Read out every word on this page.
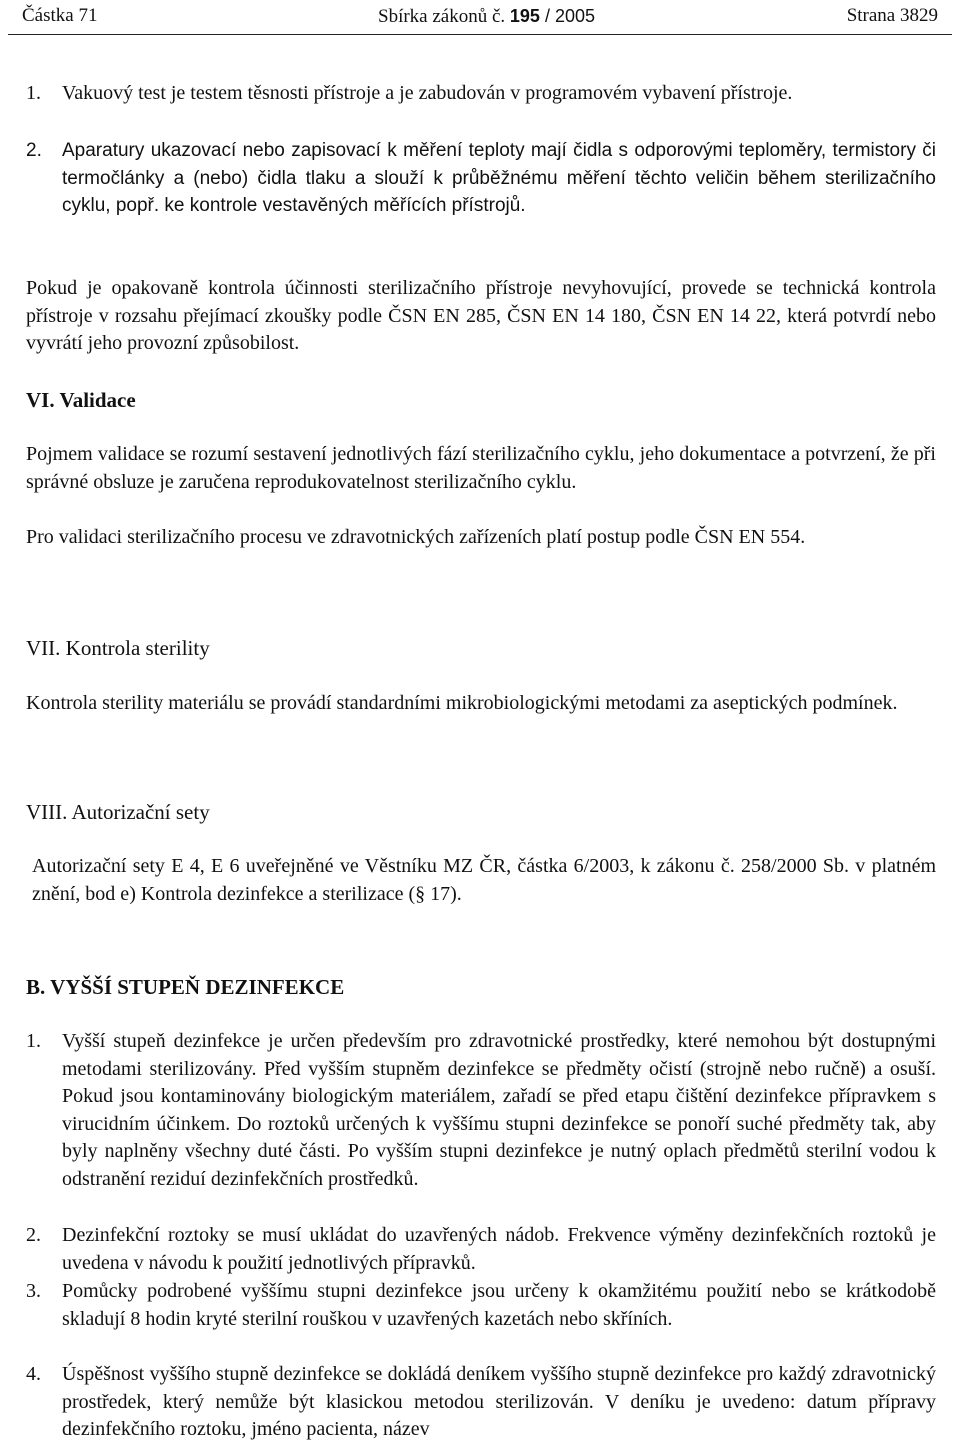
Částka 71	Sbírka zákonů č. 195 / 2005	Strana 3829
1.	Vakuový test je testem těsnosti přístroje a je zabudován v programovém vybavení přístroje.
2.	Aparatury ukazovací nebo zapisovací k měření teploty mají čidla s odporovými teploměry, termistory či termočlánky a (nebo) čidla tlaku a slouží k průběžnému měření těchto veličin během sterilizačního cyklu, popř. ke kontrole vestavěných měřících přístrojů.
Pokud je opakovaně kontrola účinnosti sterilizačního přístroje nevyhovující, provede se technická kontrola přístroje v rozsahu přejímací zkoušky podle ČSN EN 285, ČSN EN 14 180, ČSN EN 14 22, která potvrdí nebo vyvrátí jeho provozní způsobilost.
VI. Validace
Pojmem validace se rozumí sestavení jednotlivých fází sterilizačního cyklu, jeho dokumentace a potvrzení, že při správné obsluze je zaručena reprodukovatelnost sterilizačního cyklu.
Pro validaci sterilizačního procesu ve zdravotnických zařízeních platí postup podle ČSN EN 554.
VII. Kontrola sterility
Kontrola sterility materiálu se provádí standardními mikrobiologickými metodami za aseptických podmínek.
VIII. Autorizační sety
Autorizační sety E 4, E 6 uveřejněné ve Věstníku MZ ČR, částka 6/2003, k zákonu č. 258/2000 Sb. v platném znění, bod e) Kontrola dezinfekce a sterilizace (§ 17).
B. VYŠŠÍ STUPEŇ DEZINFEKCE
1.	Vyšší stupeň dezinfekce je určen především pro zdravotnické prostředky, které nemohou být dostupnými metodami sterilizovány. Před vyšším stupněm dezinfekce se předměty očistí (strojně nebo ručně) a osuší. Pokud jsou kontaminovány biologickým materiálem, zařadí se před etapu čištění dezinfekce přípravkem s virucidním účinkem. Do roztoků určených k vyššímu stupni dezinfekce se ponoří suché předměty tak, aby byly naplněny všechny duté části. Po vyšším stupni dezinfekce je nutný oplach předmětů sterilní vodou k odstranění reziduí dezinfekčních prostředků.
2.	Dezinfekční roztoky se musí ukládat do uzavřených nádob. Frekvence výměny dezinfekčních roztoků je uvedena v návodu k použití jednotlivých přípravků.
3.	Pomůcky podrobené vyššímu stupni dezinfekce jsou určeny k okamžitému použití nebo se krátkodobě skladují 8 hodin kryté sterilní rouškou v uzavřených kazetách nebo skříních.
4.	Úspěšnost vyššího stupně dezinfekce se dokládá deníkem vyššího stupně dezinfekce pro každý zdravotnický prostředek, který nemůže být klasickou metodou sterilizován. V deníku je uvedeno: datum přípravy dezinfekčního roztoku, jméno pacienta, název
